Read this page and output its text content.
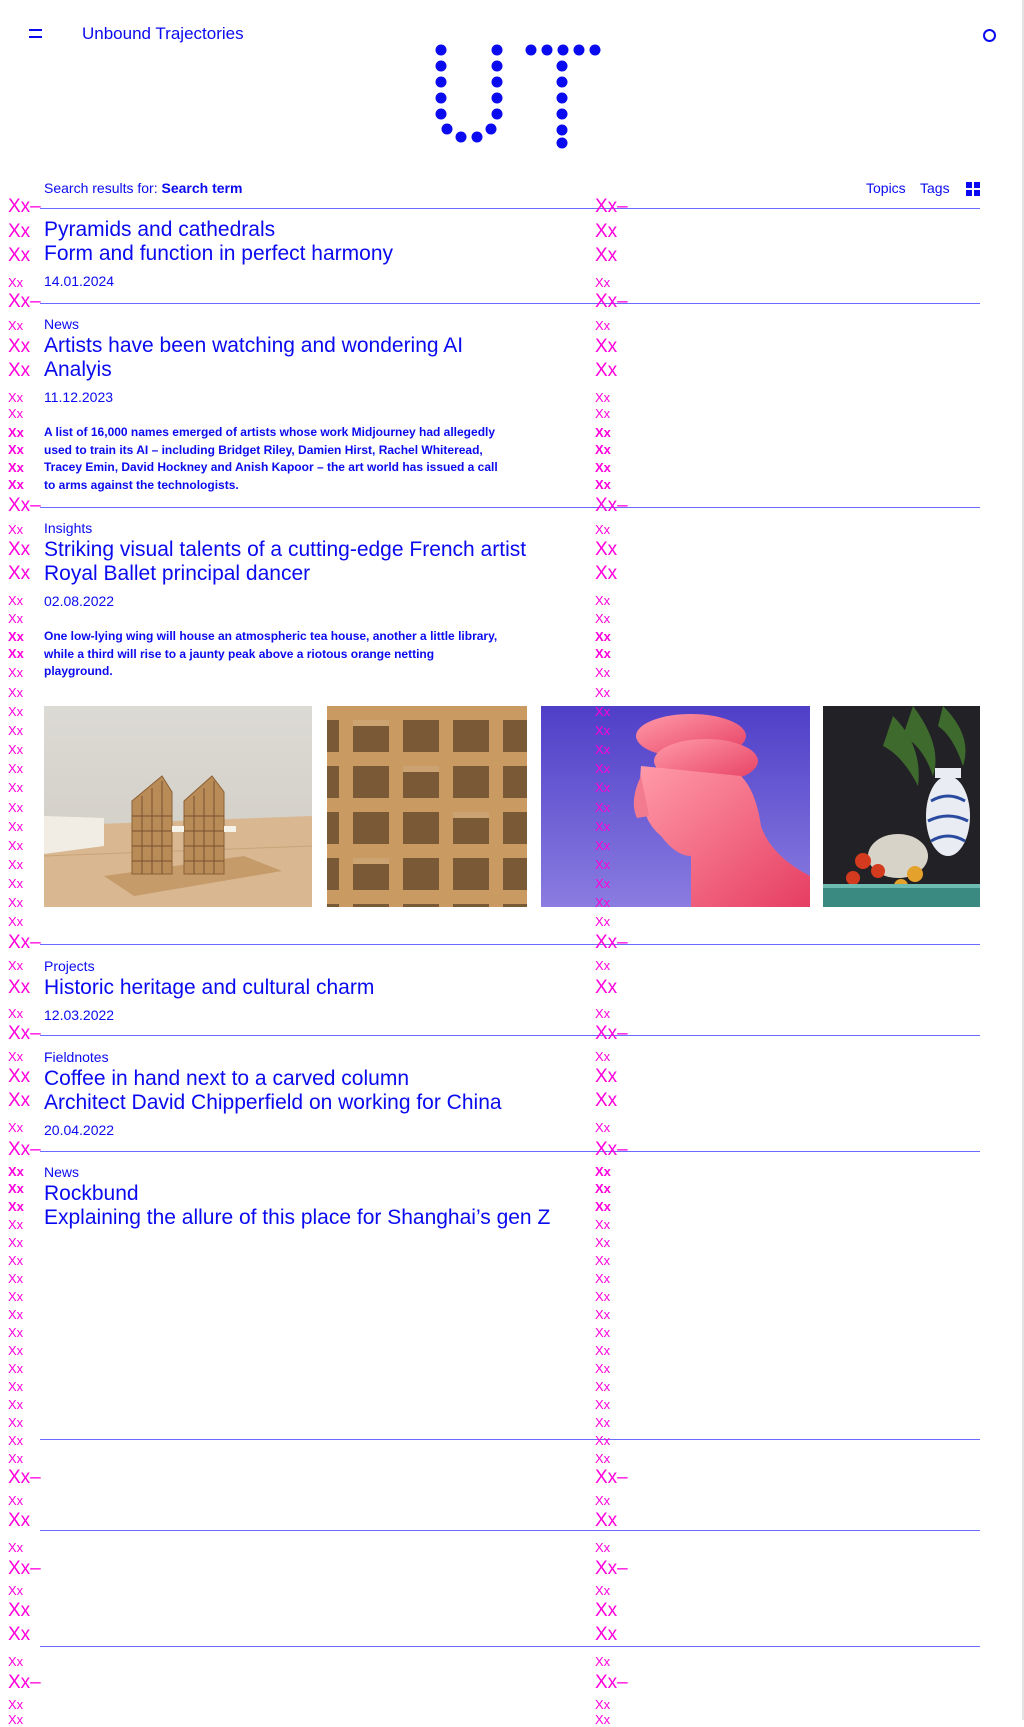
Unbound Trajectories
Search results for: Search term	Topics Tags
Pyramids and cathedrals
Form and function in perfect harmony
14.01.2024
News
Artists have been watching and wondering AI
Analyis
11.12.2023
A list of 16,000 names emerged of artists whose work Midjourney had allegedly used to train its AI – including Bridget Riley, Damien Hirst, Rachel Whiteread, Tracey Emin, David Hockney and Anish Kapoor – the art world has issued a call to arms against the technologists.
Insights
Striking visual talents of a cutting-edge French artist
Royal Ballet principal dancer
02.08.2022
One low-lying wing will house an atmospheric tea house, another a little library, while a third will rise to a jaunty peak above a riotous orange netting playground.
Projects
Historic heritage and cultural charm
12.03.2022
Fieldnotes
Coffee in hand next to a carved column
Architect David Chipperfield on working for China
20.04.2022
News
Rockbund
Explaining the allure of this place for Shanghai’s gen Z
Xx–
Xx
Xx
Xx
Xx–
Xx
Xx
Xx
Xx
Xx
Xx
Xx
Xx
Xx
Xx–
Xx
Xx
Xx
Xx
Xx
Xx
Xx
Xx
Xx
Xx
Xx
Xx
Xx
Xx
Xx
Xx
Xx
Xx
Xx
Xx
Xx
Xx–
Xx
Xx
Xx
Xx–
Xx
Xx
Xx
Xx
Xx–
Xx
Xx
Xx
Xx
Xx
Xx
Xx
Xx
Xx
Xx
Xx
Xx
Xx
Xx
Xx
Xx
Xx
Xx–
Xx
Xx
Xx
Xx–
Xx
Xx
Xx
Xx
Xx–
Xx
Xx
Xx–
Xx
Xx
Xx
Xx–
Xx
Xx
Xx
Xx
Xx
Xx
Xx
Xx
Xx
Xx–
Xx
Xx
Xx
Xx
Xx
Xx
Xx
Xx
Xx
Xx
Xx
Xx
Xx
Xx
Xx
Xx
Xx
Xx
Xx
Xx
Xx
Xx–
Xx
Xx
Xx
Xx–
Xx
Xx
Xx
Xx
Xx–
Xx
Xx
Xx
Xx
Xx
Xx
Xx
Xx
Xx
Xx
Xx
Xx
Xx
Xx
Xx
Xx
Xx
Xx–
Xx
Xx
Xx
Xx–
Xx
Xx
Xx
Xx
Xx–
Xx
Xx
